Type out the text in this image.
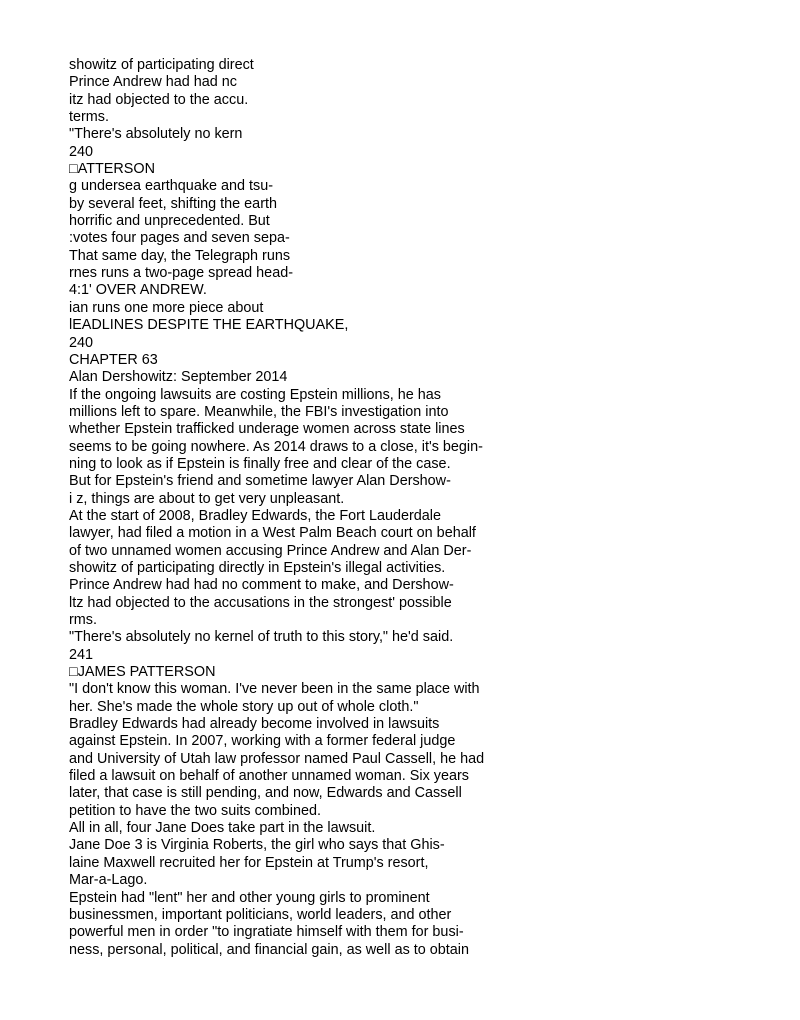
showitz of participating direct
Prince Andrew had had nc
itz had objected to the accu.
terms.
"There's absolutely no kern
240
□ATTERSON
g undersea earthquake and tsu-
by several feet, shifting the earth
horrific and unprecedented. But
:votes four pages and seven sepa-
That same day, the Telegraph runs
rnes runs a two-page spread head-
4:1' OVER ANDREW.
ian runs one more piece about
lEADLINES DESPITE THE EARTHQUAKE,
240
CHAPTER 63
Alan Dershowitz: September 2014
If the ongoing lawsuits are costing Epstein millions, he has
millions left to spare. Meanwhile, the FBI's investigation into
whether Epstein trafficked underage women across state lines
seems to be going nowhere. As 2014 draws to a close, it's begin-
ning to look as if Epstein is finally free and clear of the case.
But for Epstein's friend and sometime lawyer Alan Dershow-
i z, things are about to get very unpleasant.
At the start of 2008, Bradley Edwards, the Fort Lauderdale
lawyer, had filed a motion in a West Palm Beach court on behalf
of two unnamed women accusing Prince Andrew and Alan Der-
showitz of participating directly in Epstein's illegal activities.
Prince Andrew had had no comment to make, and Dershow-
ltz had objected to the accusations in the strongest' possible
rms.
"There's absolutely no kernel of truth to this story," he'd said.
241
□JAMES PATTERSON
"I don't know this woman. I've never been in the same place with
her. She's made the whole story up out of whole cloth."
Bradley Edwards had already become involved in lawsuits
against Epstein. In 2007, working with a former federal judge
and University of Utah law professor named Paul Cassell, he had
filed a lawsuit on behalf of another unnamed woman. Six years
later, that case is still pending, and now, Edwards and Cassell
petition to have the two suits combined.
All in all, four Jane Does take part in the lawsuit.
Jane Doe 3 is Virginia Roberts, the girl who says that Ghis-
laine Maxwell recruited her for Epstein at Trump's resort,
Mar-a-Lago.
Epstein had "lent" her and other young girls to prominent
businessmen, important politicians, world leaders, and other
powerful men in order "to ingratiate himself with them for busi-
ness, personal, political, and financial gain, as well as to obtain
